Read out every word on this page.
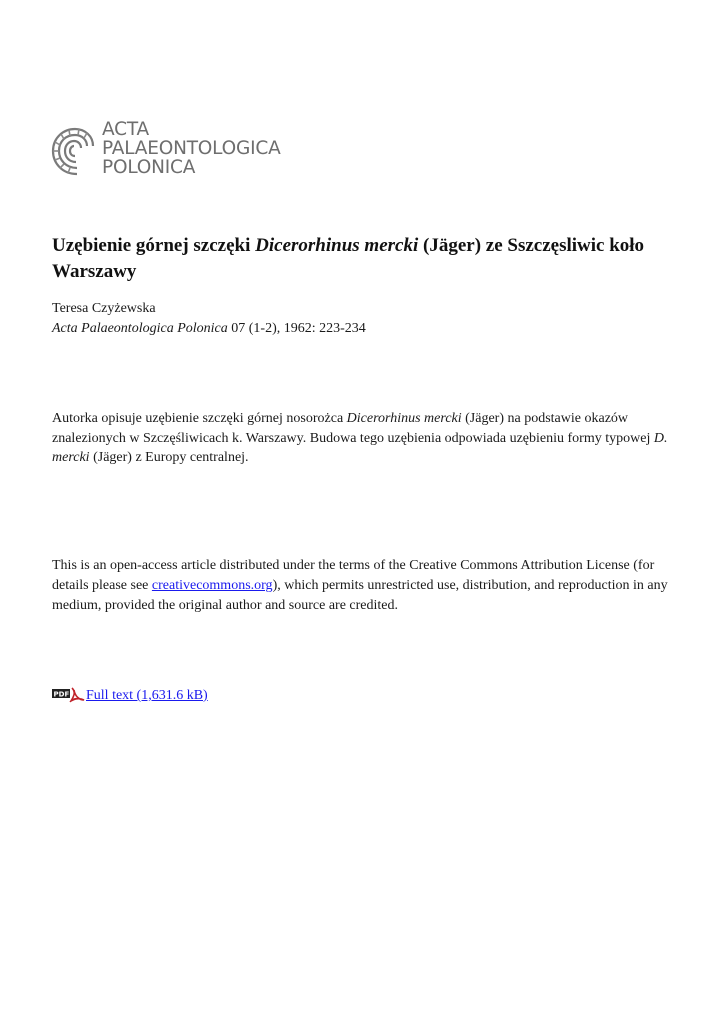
ACTA
PALAEONTOLOGICA
POLONICA
Uzębienie górnej szczęki Dicerorhinus mercki (Jäger) ze Sszczęsliwic koło Warszawy
Teresa Czyżewska
Acta Palaeontologica Polonica 07 (1-2), 1962: 223-234

Autorka opisuje uzębienie szczęki górnej nosorożca Dicerorhinus mercki (Jäger) na podstawie okazów znalezionych w Szczęśliwicach k. Warszawy. Budowa tego uzębienia odpowiada uzębieniu formy typowej D. mercki (Jäger) z Europy centralnej.

This is an open-access article distributed under the terms of the Creative Commons Attribution License (for details please see creativecommons.org), which permits unrestricted use, distribution, and reproduction in any medium, provided the original author and source are credited.

PDF Full text (1,631.6 kB)
